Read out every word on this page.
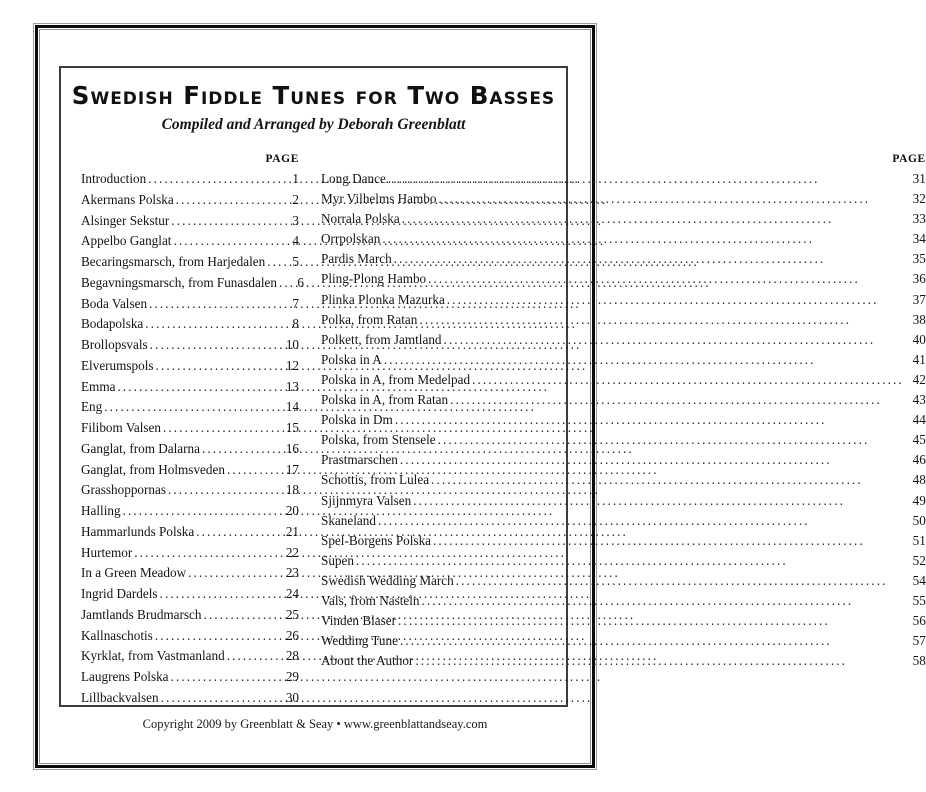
Swedish Fiddle Tunes for Two Basses
Compiled and Arranged by Deborah Greenblatt
PAGE
Introduction .....	1
Akermans Polska .....	2
Alsinger Sekstur .....	3
Appelbo Ganglat .....	4
Becaringsmarsch, from Harjedalen .....	5
Begavningsmarsch, from Funasdalen .....	6
Boda Valsen .....	7
Bodapolska .....	8
Brollopsvals .....	10
Elverumspols .....	12
Emma .....	13
Eng .....	14
Filibom Valsen .....	15
Ganglat, from Dalarna .....	16
Ganglat, from Holmsveden .....	17
Grasshoppornas .....	18
Halling .....	20
Hammarlunds Polska .....	21
Hurtemor .....	22
In a Green Meadow .....	23
Ingrid Dardels .....	24
Jamtlands Brudmarsch .....	25
Kallnaschotis .....	26
Kyrklat, from Vastmanland .....	28
Laugrens Polska .....	29
Lillbackvalsen .....	30
PAGE
Long Dance .....	31
Myr Vilhelms Hambo .....	32
Norrala Polska .....	33
Orrpolskan .....	34
Pardis March .....	35
Pling-Plong Hambo .....	36
Plinka Plonka Mazurka .....	37
Polka, from Ratan .....	38
Polkett, from Jamtland .....	40
Polska in A .....	41
Polska in A, from Medelpad .....	42
Polska in A, from Ratan .....	43
Polska in Dm .....	44
Polska, from Stensele .....	45
Prastmarschen .....	46
Schottis, from Lulea .....	48
Sjijnmyra Valsen .....	49
Skaneland .....	50
Spel-Borgens Polska .....	51
Supen .....	52
Swedish Wedding March .....	54
Vals, from Nasteln .....	55
Vinden Blaser .....	56
Wedding Tune .....	57
About the Author .....	58
Copyright 2009 by Greenblatt & Seay • www.greenblattandseay.com
